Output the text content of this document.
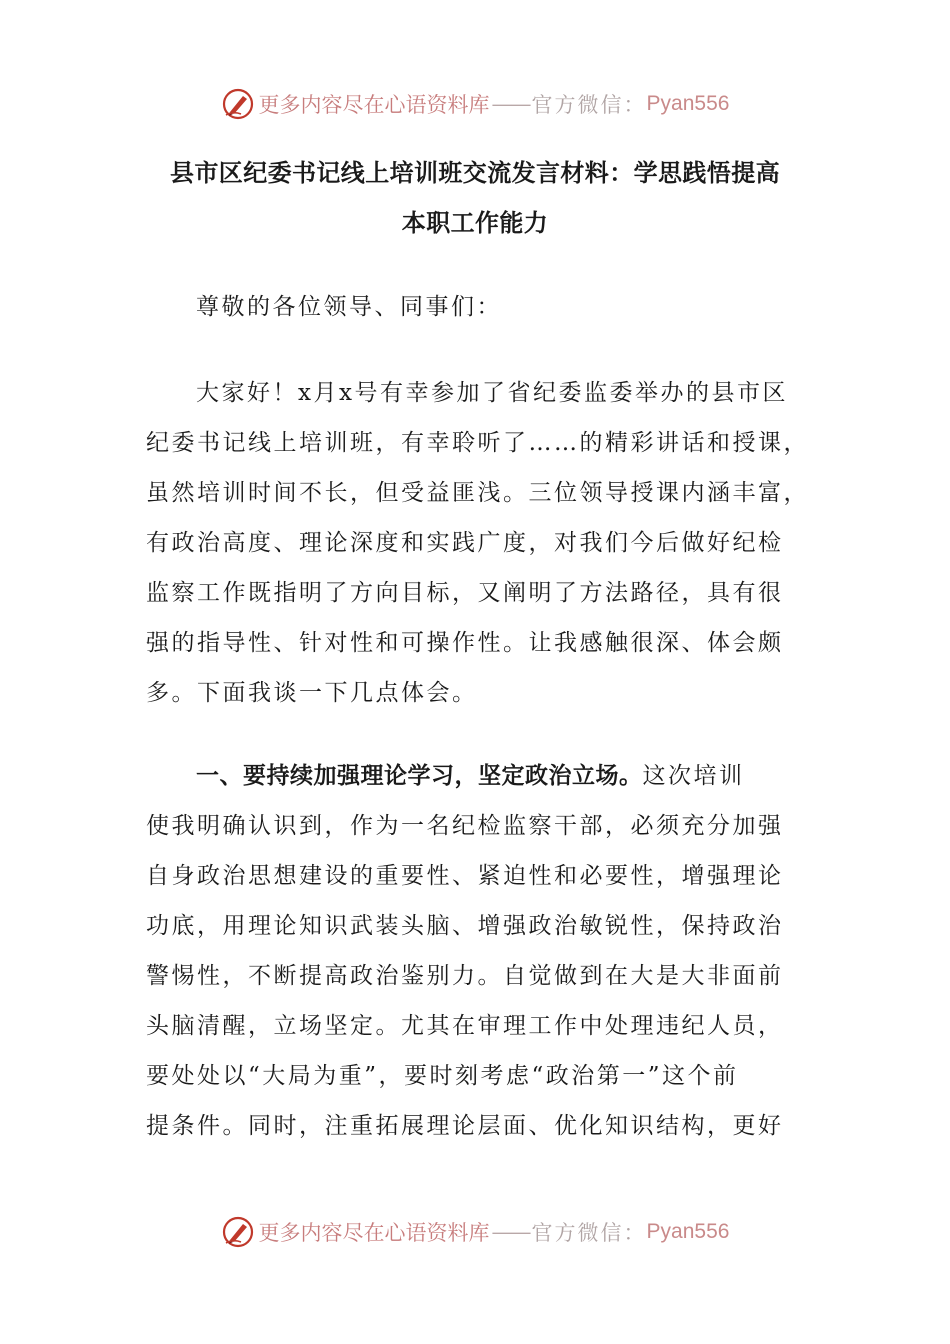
更多内容尽在心语资料库 —— 官方微信： Pyan556
县市区纪委书记线上培训班交流发言材料：学思践悟提高
本职工作能力

尊敬的各位领导、同事们：

大家好！x月x号有幸参加了省纪委监委举办的县市区
纪委书记线上培训班，有幸聆听了……的精彩讲话和授课，
虽然培训时间不长，但受益匪浅。三位领导授课内涵丰富，
有政治高度、理论深度和实践广度，对我们今后做好纪检
监察工作既指明了方向目标，又阐明了方法路径，具有很
强的指导性、针对性和可操作性。让我感触很深、体会颇
多。下面我谈一下几点体会。

一、要持续加强理论学习，坚定政治立场。这次培训
使我明确认识到，作为一名纪检监察干部，必须充分加强
自身政治思想建设的重要性、紧迫性和必要性，增强理论
功底，用理论知识武装头脑、增强政治敏锐性，保持政治
警惕性，不断提高政治鉴别力。自觉做到在大是大非面前
头脑清醒，立场坚定。尤其在审理工作中处理违纪人员，
要处处以“大局为重”，要时刻考虑“政治第一”这个前
提条件。同时，注重拓展理论层面、优化知识结构，更好

更多内容尽在心语资料库 —— 官方微信： Pyan556
